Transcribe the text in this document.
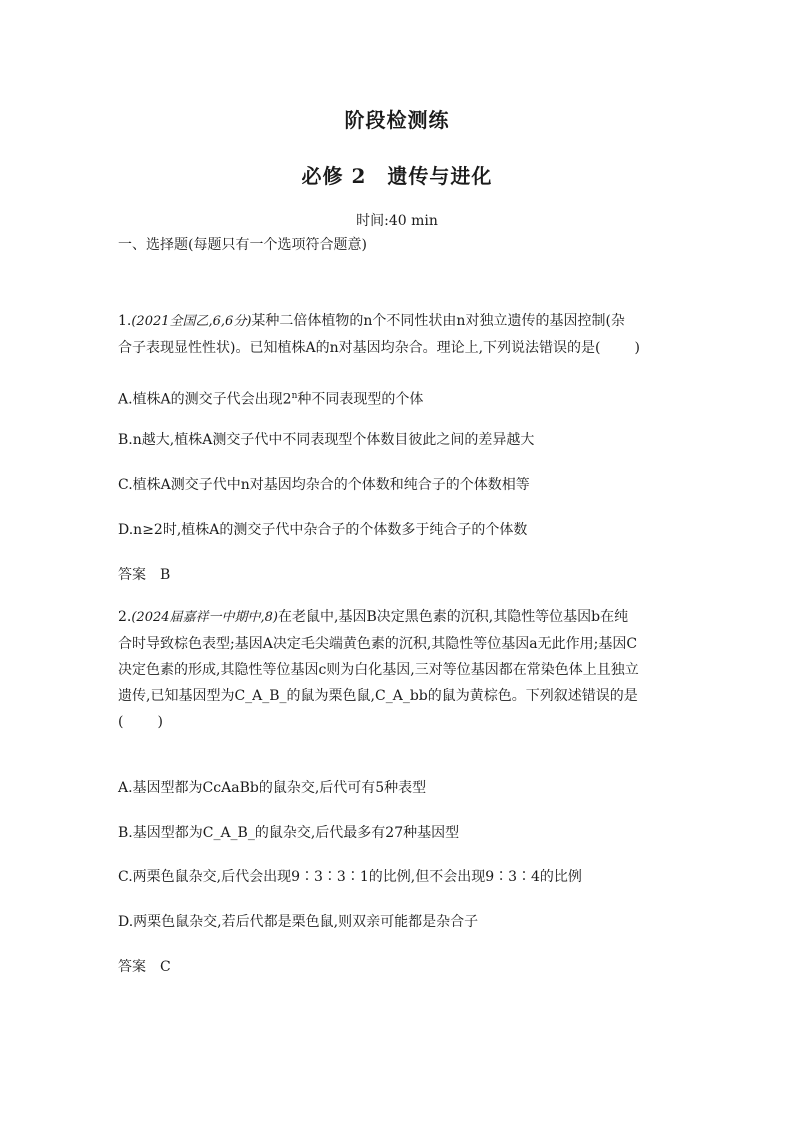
阶段检测练
必修 2　遗传与进化
时间:40 min
一、选择题(每题只有一个选项符合题意)
1.(2021全国乙,6,6分)某种二倍体植物的n个不同性状由n对独立遗传的基因控制(杂
合子表现显性性状)。已知植株A的n对基因均杂合。理论上,下列说法错误的是( )
A.植株A的测交子代会出现2$^n$种不同表现型的个体
B.n越大,植株A测交子代中不同表现型个体数目彼此之间的差异越大
C.植株A测交子代中n对基因均杂合的个体数和纯合子的个体数相等
D.n≥2时,植株A的测交子代中杂合子的个体数多于纯合子的个体数
答案　B
2.(2024届嘉祥一中期中,8)在老鼠中,基因B决定黑色素的沉积,其隐性等位基因b在纯
合时导致棕色表型;基因A决定毛尖端黄色素的沉积,其隐性等位基因a无此作用;基因C
决定色素的形成,其隐性等位基因c则为白化基因,三对等位基因都在常染色体上且独立
遗传,已知基因型为C_A_B_的鼠为栗色鼠,C_A_bb的鼠为黄棕色。下列叙述错误的是
( )
A.基因型都为CcAaBb的鼠杂交,后代可有5种表型
B.基因型都为C_A_B_的鼠杂交,后代最多有27种基因型
C.两栗色鼠杂交,后代会出现9∶3∶3∶1的比例,但不会出现9∶3∶4的比例
D.两栗色鼠杂交,若后代都是栗色鼠,则双亲可能都是杂合子
答案　C
